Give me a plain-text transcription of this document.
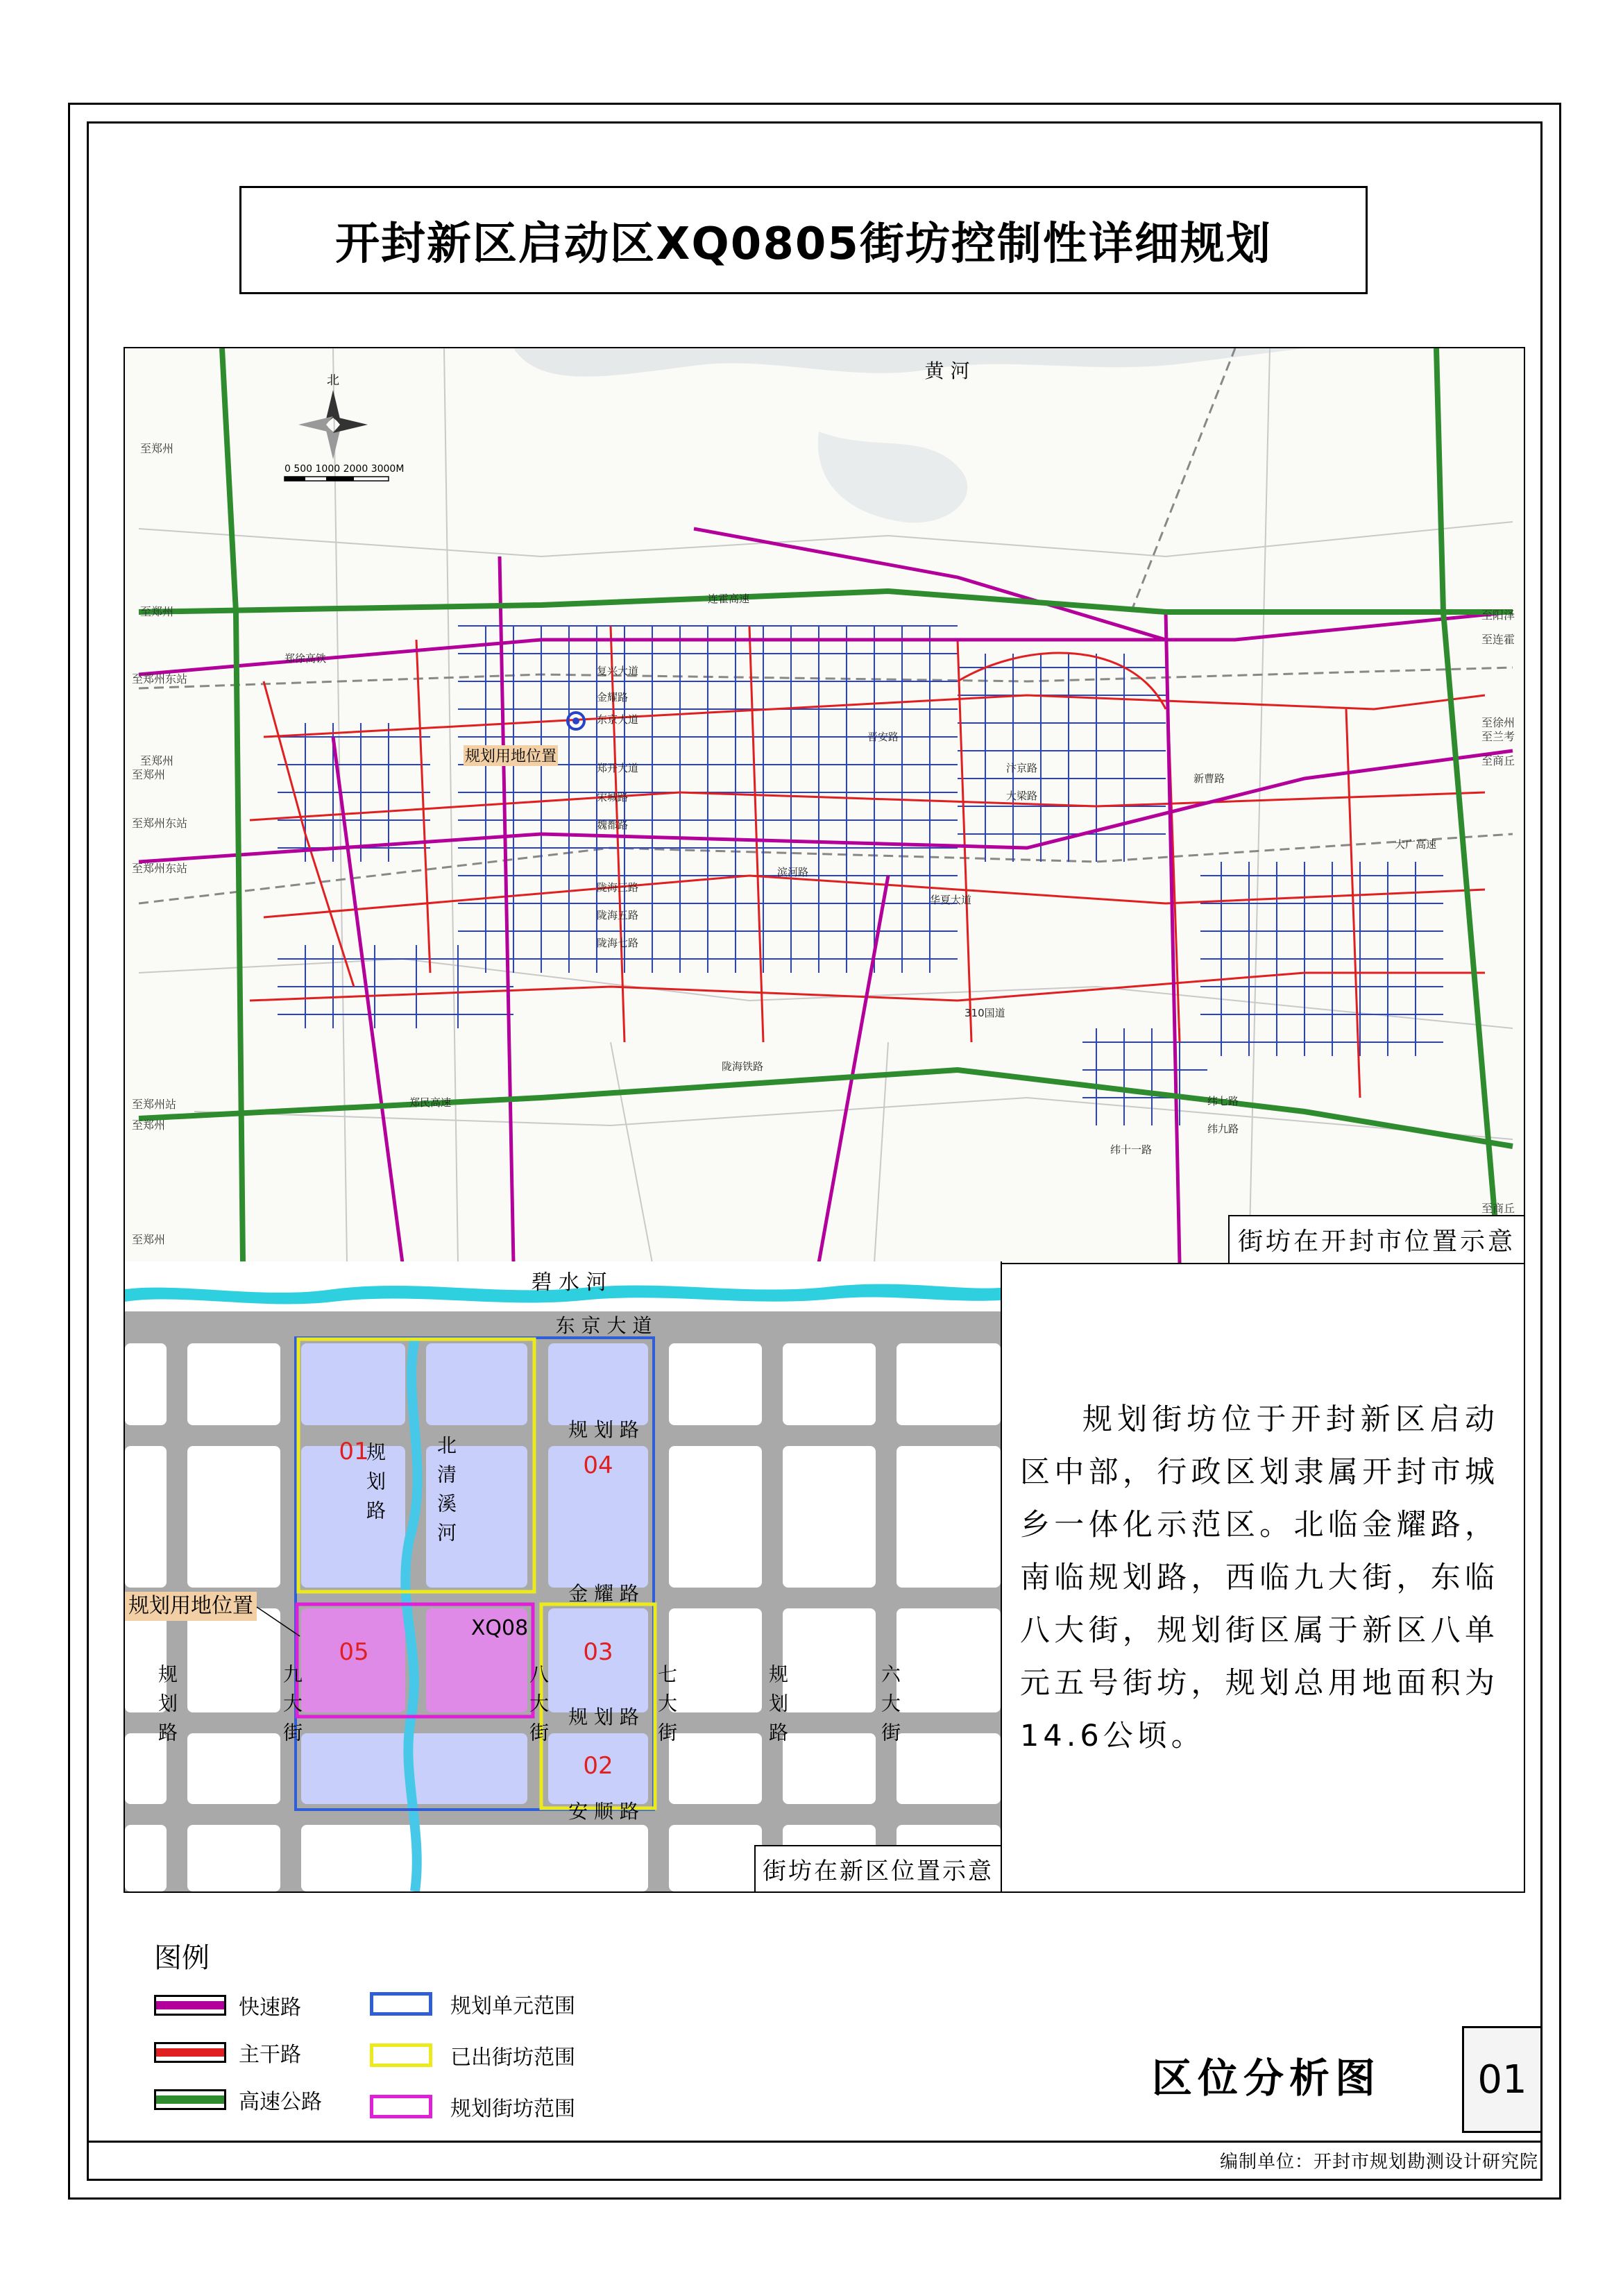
开封新区启动区XQ0805街坊控制性详细规划
规划用地位置
黄 河
北
0 500 1000 2000 3000M
至郑州
至郑州
至郑州东站
至郑州
至郑州
至郑州东站
至郑州东站
至郑州站
至郑州
至郑州
至商丘
至商丘
至连霍
至兰考
至徐州
至阳泽
连霍高速
郑徐高铁
郑开大道
宋城路
魏都路
陇海三路
陇海五路
陇海七路
陇海铁路
310国道
郑民高速
大广高速
金耀路
东京大道
复兴大道
新曹路
汴京路
晋安路
大梁路
滨河路
华夏大道
纬七路
纬九路
纬十一路
街坊在开封市位置示意
规划用地位置
碧 水 河
东 京 大 道
规 划 路
金 耀 路
规 划 路
安 顺 路
XQ08
01	04
05	03
02
规划路	九大街	八大街	七大街	规划路	六大街
规划路 北清溪河
街坊在新区位置示意
规划街坊位于开封新区启动区中部，行政区划隶属开封市城乡一体化示范区。北临金耀路，南临规划路，西临九大街，东临八大街，规划街区属于新区八单元五号街坊，规划总用地面积为14.6公顷。
图例
快速路
主干路
高速公路
规划单元范围
已出街坊范围
规划街坊范围
区位分析图	01
编制单位：开封市规划勘测设计研究院
